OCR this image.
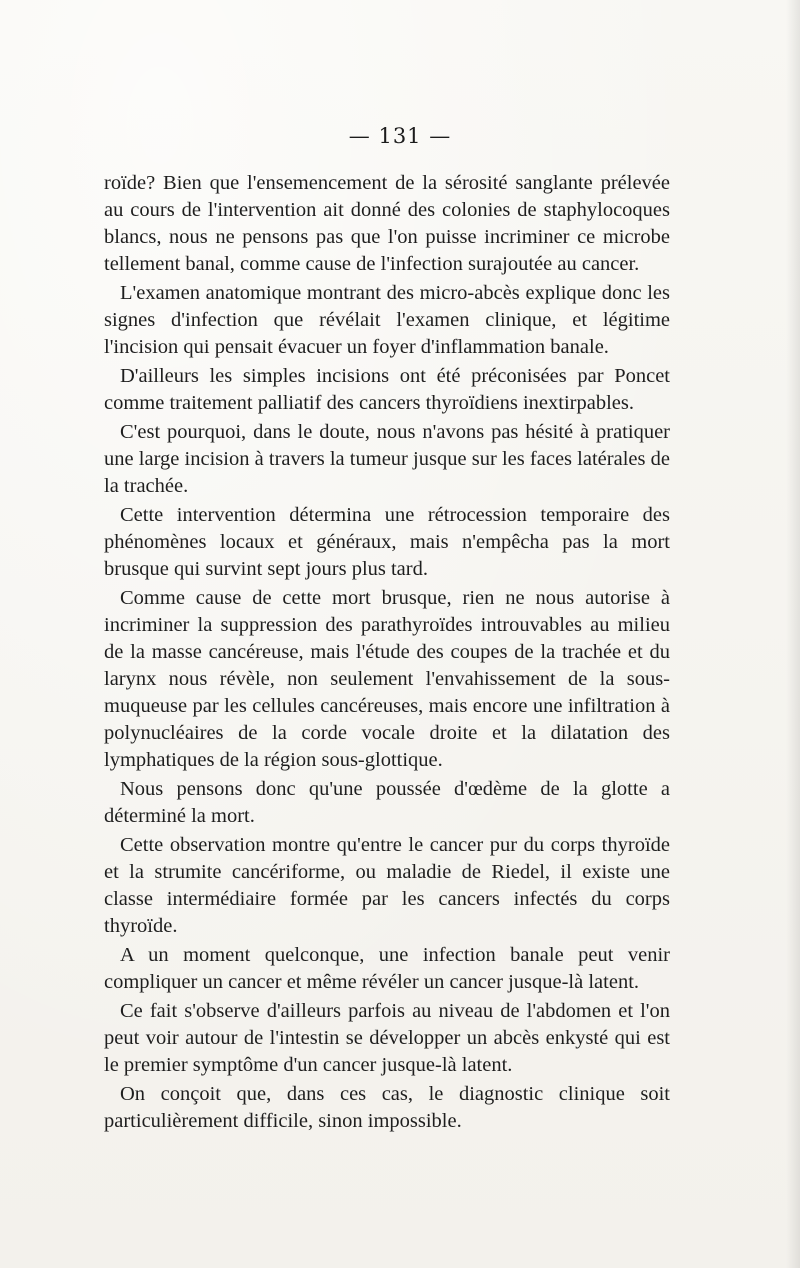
— 131 —

roïde? Bien que l'ensemencement de la sérosité sanglante prélevée au cours de l'intervention ait donné des colonies de staphylocoques blancs, nous ne pensons pas que l'on puisse incriminer ce microbe tellement banal, comme cause de l'infection surajoutée au cancer.

L'examen anatomique montrant des micro-abcès explique donc les signes d'infection que révélait l'examen clinique, et légitime l'incision qui pensait évacuer un foyer d'inflammation banale.

D'ailleurs les simples incisions ont été préconisées par Poncet comme traitement palliatif des cancers thyroïdiens inextirpables.

C'est pourquoi, dans le doute, nous n'avons pas hésité à pratiquer une large incision à travers la tumeur jusque sur les faces latérales de la trachée.

Cette intervention détermina une rétrocession temporaire des phénomènes locaux et généraux, mais n'empêcha pas la mort brusque qui survint sept jours plus tard.

Comme cause de cette mort brusque, rien ne nous autorise à incriminer la suppression des parathyroïdes introuvables au milieu de la masse cancéreuse, mais l'étude des coupes de la trachée et du larynx nous révèle, non seulement l'envahissement de la sous-muqueuse par les cellules cancéreuses, mais encore une infiltration à polynucléaires de la corde vocale droite et la dilatation des lymphatiques de la région sous-glottique.

Nous pensons donc qu'une poussée d'œdème de la glotte a déterminé la mort.

Cette observation montre qu'entre le cancer pur du corps thyroïde et la strumite cancériforme, ou maladie de Riedel, il existe une classe intermédiaire formée par les cancers infectés du corps thyroïde.

A un moment quelconque, une infection banale peut venir compliquer un cancer et même révéler un cancer jusque-là latent.

Ce fait s'observe d'ailleurs parfois au niveau de l'abdomen et l'on peut voir autour de l'intestin se développer un abcès enkysté qui est le premier symptôme d'un cancer jusque-là latent.

On conçoit que, dans ces cas, le diagnostic clinique soit particulièrement difficile, sinon impossible.
